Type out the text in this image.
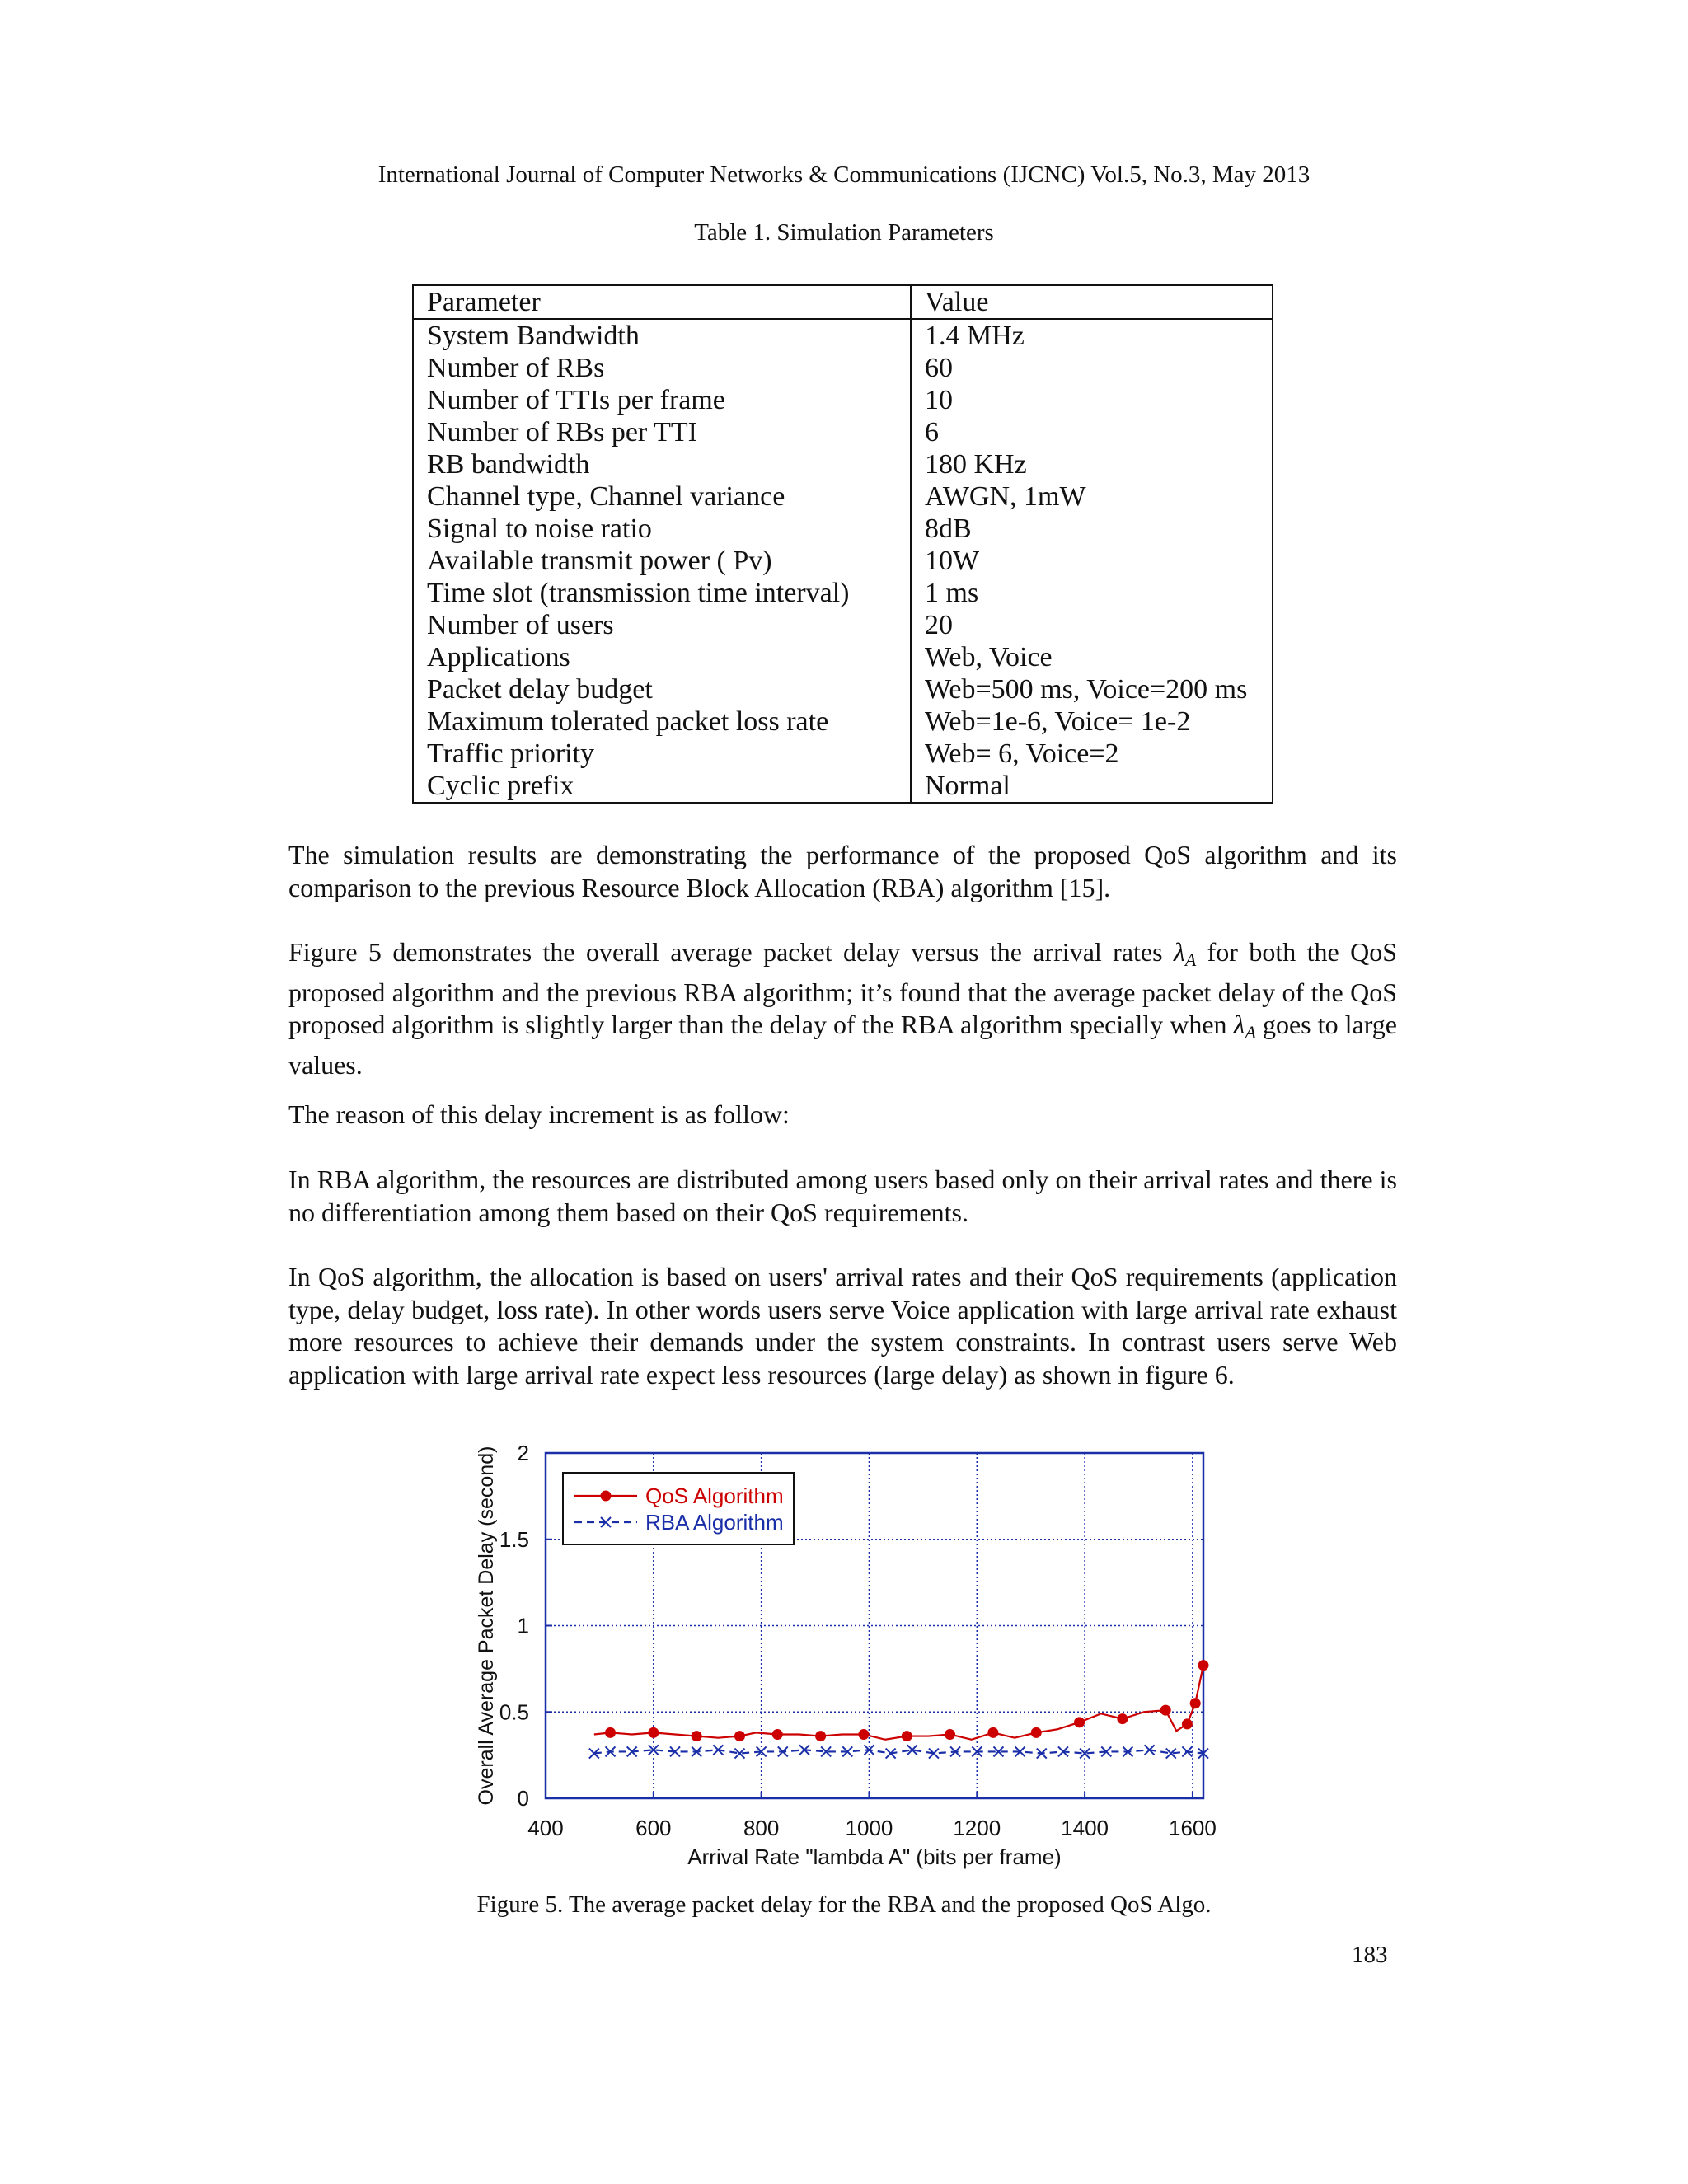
International Journal of Computer Networks & Communications (IJCNC) Vol.5, No.3, May 2013
Table 1. Simulation Parameters
Parameter	Value
System Bandwidth	1.4 MHz
Number of RBs	60
Number of TTIs per frame	10
Number of RBs per TTI	6
RB bandwidth	180 KHz
Channel type, Channel variance	AWGN, 1mW
Signal to noise ratio	8dB
Available transmit power ( Pv)	10W
Time slot (transmission time interval)	1 ms
Number of users	20
Applications	Web, Voice
Packet delay budget	Web=500 ms, Voice=200 ms
Maximum tolerated packet loss rate	Web=1e-6, Voice= 1e-2
Traffic priority	Web= 6, Voice=2
Cyclic prefix	Normal

The simulation results are demonstrating the performance of the proposed QoS algorithm and its comparison to the previous Resource Block Allocation (RBA) algorithm [15].

Figure 5 demonstrates the overall average packet delay versus the arrival rates $\lambda_A$ for both the QoS proposed algorithm and the previous RBA algorithm; it’s found that the average packet delay of the QoS proposed algorithm is slightly larger than the delay of the RBA algorithm specially when $\lambda_A$ goes to large values.

The reason of this delay increment is as follow:

In RBA algorithm, the resources are distributed among users based only on their arrival rates and there is no differentiation among them based on their QoS requirements.

In QoS algorithm, the allocation is based on users' arrival rates and their QoS requirements (application type, delay budget, loss rate). In other words users serve Voice application with large arrival rate exhaust more resources to achieve their demands under the system constraints. In contrast users serve Web application with large arrival rate expect less resources (large delay) as shown in figure 6.

400	600	800	1000	1200	1400	1600
0
0.5
1
1.5
2
Arrival Rate "lambda A" (bits per frame)
Overall Average Packet Delay (second)	QoS Algorithm
RBA Algorithm
Figure 5. The average packet delay for the RBA and the proposed QoS Algo.
183
